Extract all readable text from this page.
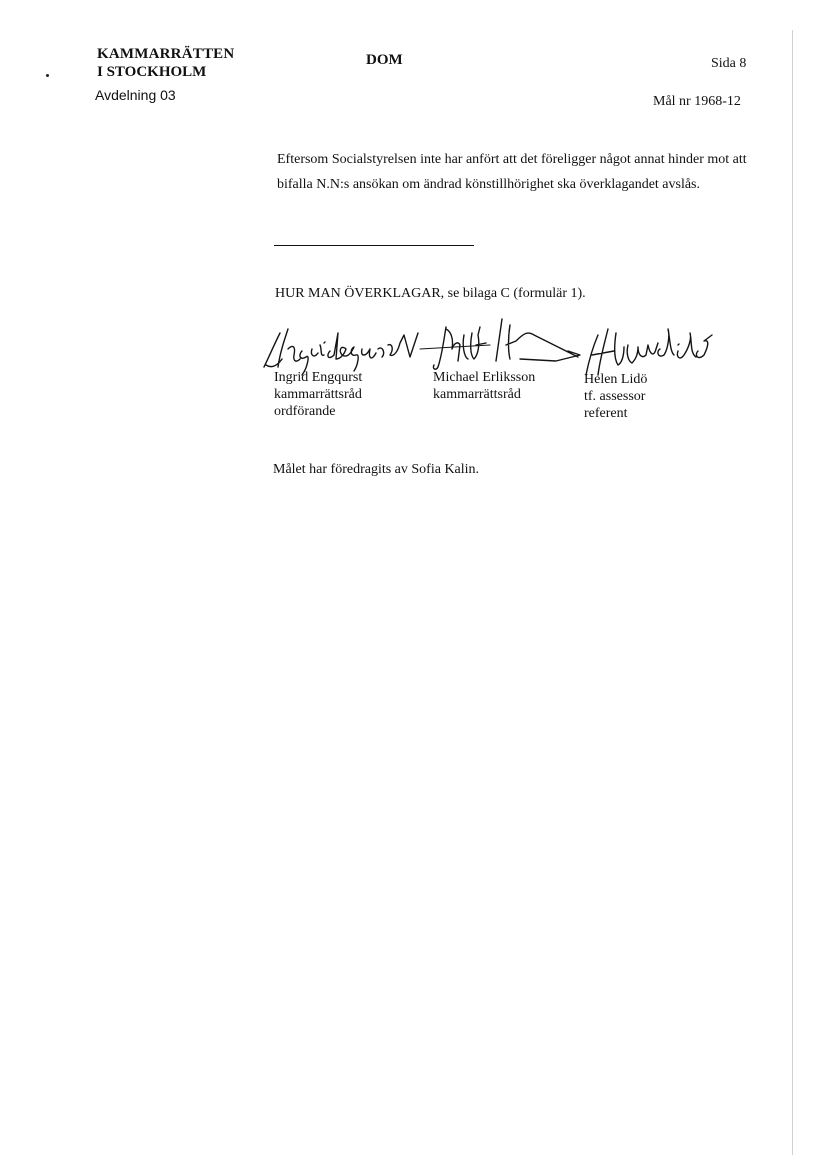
KAMMARRÄTTEN
I STOCKHOLM
Avdelning 03
DOM	Sida 8
Mål nr 1968-12
Eftersom Socialstyrelsen inte har anfört att det föreligger något annat hinder mot att bifalla N.N:s ansökan om ändrad könstillhörighet ska överklagandet avslås.
HUR MAN ÖVERKLAGAR, se bilaga C (formulär 1).
Ingrid Engqurst
kammarrättsråd
ordförande
Michael Erliksson
kammarrättsråd
Helen Lidö
tf. assessor
referent
Målet har föredragits av Sofia Kalin.
